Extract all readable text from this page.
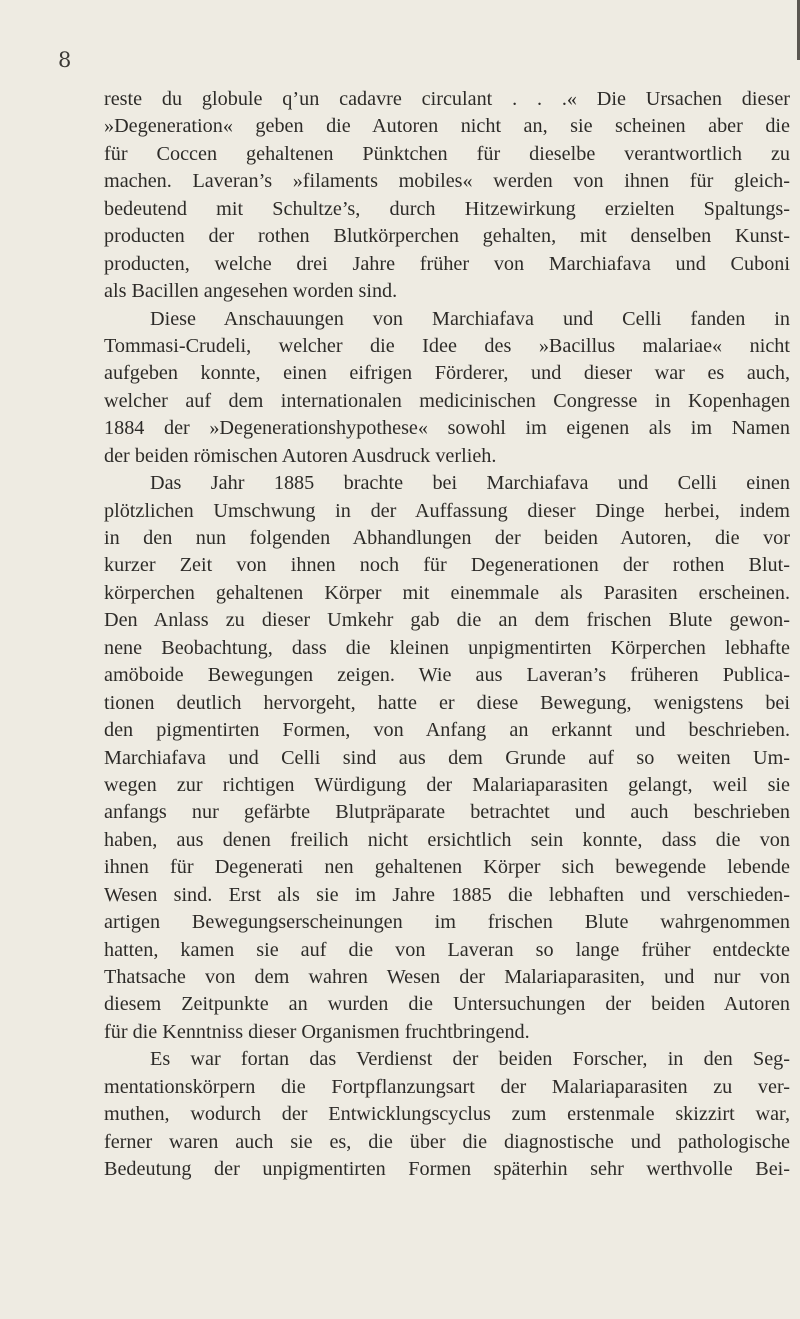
8
reste du globule q’un cadavre circulant . . .« Die Ursachen dieser
»Degeneration« geben die Autoren nicht an, sie scheinen aber die
für Coccen gehaltenen Pünktchen für dieselbe verantwortlich zu
machen. Laveran’s »filaments mobiles« werden von ihnen für gleich-
bedeutend mit Schultze’s, durch Hitzewirkung erzielten Spaltungs-
producten der rothen Blutkörperchen gehalten, mit denselben Kunst-
producten, welche drei Jahre früher von Marchiafava und Cuboni
als Bacillen angesehen worden sind.
Diese Anschauungen von Marchiafava und Celli fanden in
Tommasi-Crudeli, welcher die Idee des »Bacillus malariae« nicht
aufgeben konnte, einen eifrigen Förderer, und dieser war es auch,
welcher auf dem internationalen medicinischen Congresse in Kopenhagen
1884 der »Degenerationshypothese« sowohl im eigenen als im Namen
der beiden römischen Autoren Ausdruck verlieh.
Das Jahr 1885 brachte bei Marchiafava und Celli einen
plötzlichen Umschwung in der Auffassung dieser Dinge herbei, indem
in den nun folgenden Abhandlungen der beiden Autoren, die vor
kurzer Zeit von ihnen noch für Degenerationen der rothen Blut-
körperchen gehaltenen Körper mit einemmale als Parasiten erscheinen.
Den Anlass zu dieser Umkehr gab die an dem frischen Blute gewon-
nene Beobachtung, dass die kleinen unpigmentirten Körperchen lebhafte
amöboide Bewegungen zeigen. Wie aus Laveran’s früheren Publica-
tionen deutlich hervorgeht, hatte er diese Bewegung, wenigstens bei
den pigmentirten Formen, von Anfang an erkannt und beschrieben.
Marchiafava und Celli sind aus dem Grunde auf so weiten Um-
wegen zur richtigen Würdigung der Malariaparasiten gelangt, weil sie
anfangs nur gefärbte Blutpräparate betrachtet und auch beschrieben
haben, aus denen freilich nicht ersichtlich sein konnte, dass die von
ihnen für Degenerati nen gehaltenen Körper sich bewegende lebende
Wesen sind. Erst als sie im Jahre 1885 die lebhaften und verschieden-
artigen Bewegungserscheinungen im frischen Blute wahrgenommen
hatten, kamen sie auf die von Laveran so lange früher entdeckte
Thatsache von dem wahren Wesen der Malariaparasiten, und nur von
diesem Zeitpunkte an wurden die Untersuchungen der beiden Autoren
für die Kenntniss dieser Organismen fruchtbringend.
Es war fortan das Verdienst der beiden Forscher, in den Seg-
mentationskörpern die Fortpflanzungsart der Malariaparasiten zu ver-
muthen, wodurch der Entwicklungscyclus zum erstenmale skizzirt war,
ferner waren auch sie es, die über die diagnostische und pathologische
Bedeutung der unpigmentirten Formen späterhin sehr werthvolle Bei-
